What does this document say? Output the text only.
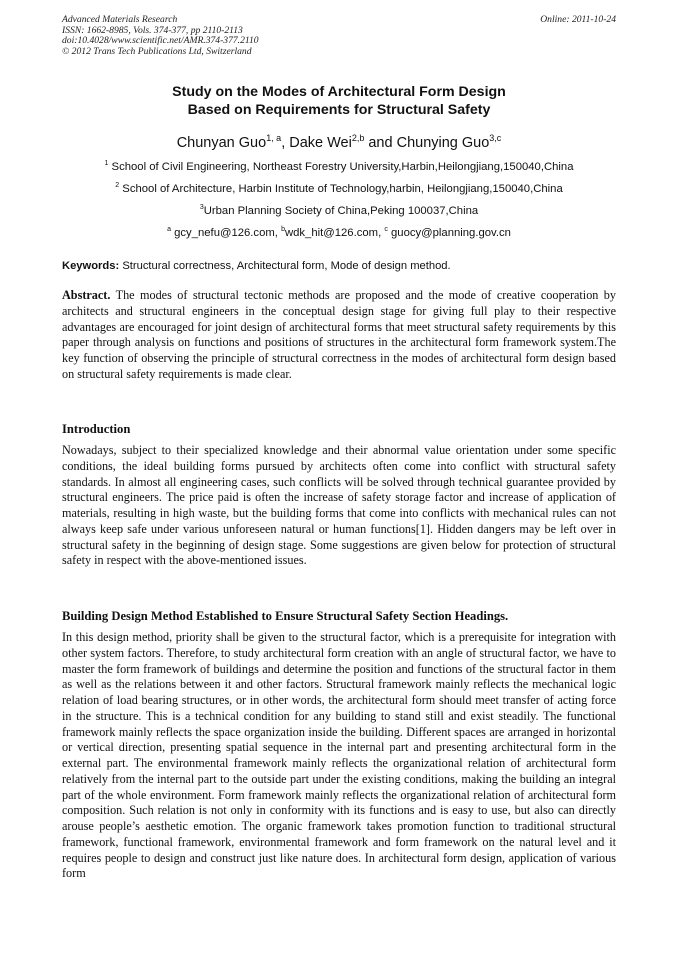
Advanced Materials Research
ISSN: 1662-8985, Vols. 374-377, pp 2110-2113
doi:10.4028/www.scientific.net/AMR.374-377.2110
© 2012 Trans Tech Publications Ltd, Switzerland
Online: 2011-10-24
Study on the Modes of Architectural Form Design
Based on Requirements for Structural Safety
Chunyan Guo$^{1, a}$, Dake Wei$^{2,b}$ and Chunying Guo$^{3,c}$
$^1$ School of Civil Engineering, Northeast Forestry University,Harbin,Heilongjiang,150040,China
$^2$ School of Architecture, Harbin Institute of Technology,harbin, Heilongjiang,150040,China
$^3$Urban Planning Society of China,Peking 100037,China
$^a$ gcy_nefu@126.com, $^b$wdk_hit@126.com, $^c$ guocy@planning.gov.cn
Keywords: Structural correctness, Architectural form, Mode of design method.

Abstract. The modes of structural tectonic methods are proposed and the mode of creative cooperation by architects and structural engineers in the conceptual design stage for giving full play to their respective advantages are encouraged for joint design of architectural forms that meet structural safety requirements by this paper through analysis on functions and positions of structures in the architectural form framework system.The key function of observing the principle of structural correctness in the modes of architectural form design based on structural safety requirements is made clear.

Introduction

Nowadays, subject to their specialized knowledge and their abnormal value orientation under some specific conditions, the ideal building forms pursued by architects often come into conflict with structural safety standards. In almost all engineering cases, such conflicts will be solved through technical guarantee provided by structural engineers. The price paid is often the increase of safety storage factor and increase of application of materials, resulting in high waste, but the building forms that come into conflicts with mechanical rules can not always keep safe under various unforeseen natural or human functions[1]. Hidden dangers may be left over in structural safety in the beginning of design stage. Some suggestions are given below for protection of structural safety in respect with the above-mentioned issues.

Building Design Method Established to Ensure Structural Safety Section Headings.

In this design method, priority shall be given to the structural factor, which is a prerequisite for integration with other system factors. Therefore, to study architectural form creation with an angle of structural factor, we have to master the form framework of buildings and determine the position and functions of the structural factor in them as well as the relations between it and other factors. Structural framework mainly reflects the mechanical logic relation of load bearing structures, or in other words, the architectural form should meet transfer of acting force in the structure. This is a technical condition for any building to stand still and exist steadily. The functional framework mainly reflects the space organization inside the building. Different spaces are arranged in horizontal or vertical direction, presenting spatial sequence in the internal part and presenting architectural form in the external part. The environmental framework mainly reflects the organizational relation of architectural form relatively from the internal part to the outside part under the existing conditions, making the building an integral part of the whole environment. Form framework mainly reflects the organizational relation of architectural form composition. Such relation is not only in conformity with its functions and is easy to use, but also can directly arouse people’s aesthetic emotion. The organic framework takes promotion function to traditional structural framework, functional framework, environmental framework and form framework on the natural level and it requires people to design and construct just like nature does. In architectural form design, application of various form
